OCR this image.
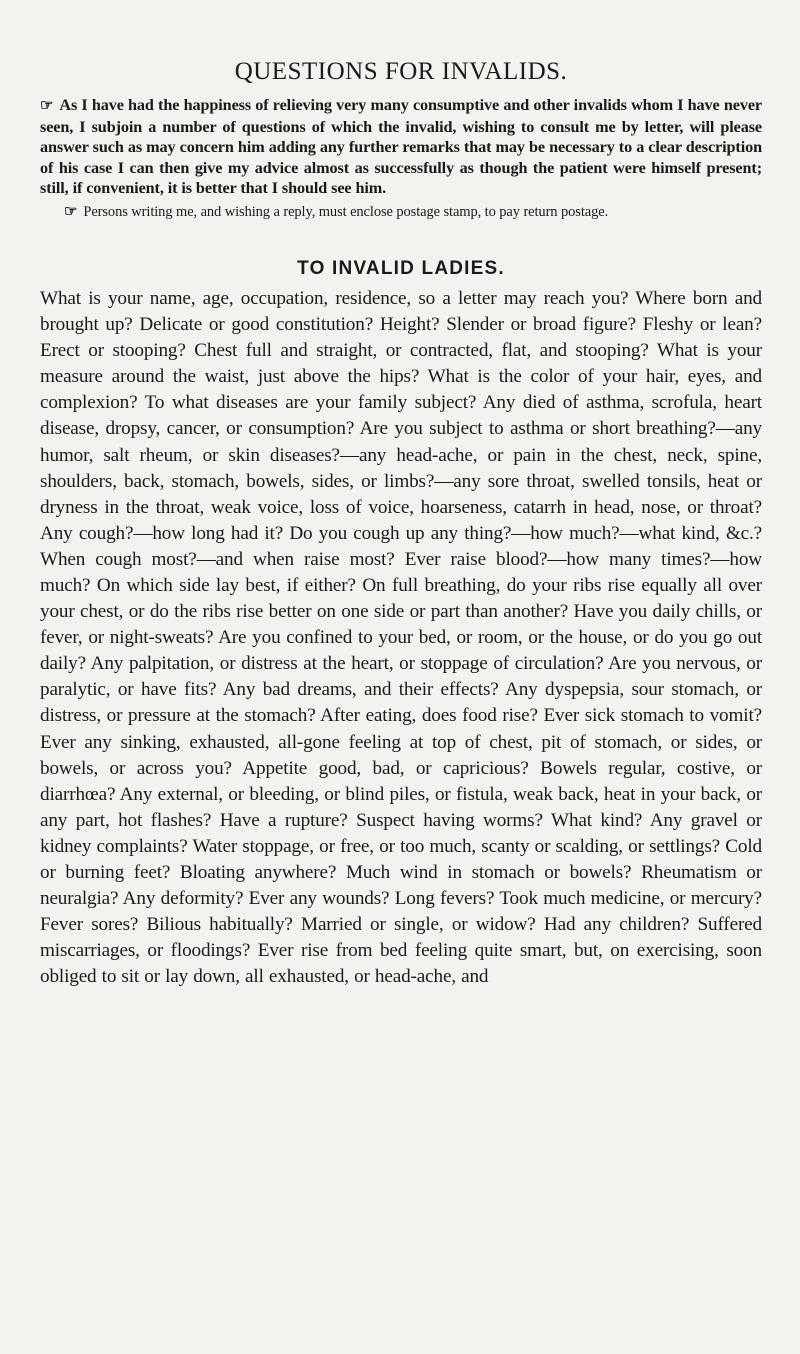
QUESTIONS FOR INVALIDS.

☞ As I have had the happiness of relieving very many consumptive and other invalids whom I have never seen, I subjoin a number of questions of which the invalid, wishing to consult me by letter, will please answer such as may concern him adding any further remarks that may be necessary to a clear description of his case I can then give my advice almost as successfully as though the patient were himself present; still, if convenient, it is better that I should see him.

☞ Persons writing me, and wishing a reply, must enclose postage stamp, to pay return postage.

TO INVALID LADIES.

What is your name, age, occupation, residence, so a letter may reach you? Where born and brought up? Delicate or good constitution? Height? Slender or broad figure? Fleshy or lean? Erect or stooping? Chest full and straight, or contracted, flat, and stooping? What is your measure around the waist, just above the hips? What is the color of your hair, eyes, and complexion? To what diseases are your family subject? Any died of asthma, scrofula, heart disease, dropsy, cancer, or consumption? Are you subject to asthma or short breathing?—any humor, salt rheum, or skin diseases?—any head-ache, or pain in the chest, neck, spine, shoulders, back, stomach, bowels, sides, or limbs?—any sore throat, swelled tonsils, heat or dryness in the throat, weak voice, loss of voice, hoarseness, catarrh in head, nose, or throat? Any cough?—how long had it? Do you cough up any thing?—how much?—what kind, &c.? When cough most?—and when raise most? Ever raise blood?—how many times?—how much? On which side lay best, if either? On full breathing, do your ribs rise equally all over your chest, or do the ribs rise better on one side or part than another? Have you daily chills, or fever, or night-sweats? Are you confined to your bed, or room, or the house, or do you go out daily? Any palpitation, or distress at the heart, or stoppage of circulation? Are you nervous, or paralytic, or have fits? Any bad dreams, and their effects? Any dyspepsia, sour stomach, or distress, or pressure at the stomach? After eating, does food rise? Ever sick stomach to vomit? Ever any sinking, exhausted, all-gone feeling at top of chest, pit of stomach, or sides, or bowels, or across you? Appetite good, bad, or capricious? Bowels regular, costive, or diarrhœa? Any external, or bleeding, or blind piles, or fistula, weak back, heat in your back, or any part, hot flashes? Have a rupture? Suspect having worms? What kind? Any gravel or kidney complaints? Water stoppage, or free, or too much, scanty or scalding, or settlings? Cold or burning feet? Bloating anywhere? Much wind in stomach or bowels? Rheumatism or neuralgia? Any deformity? Ever any wounds? Long fevers? Took much medicine, or mercury? Fever sores? Bilious habitually? Married or single, or widow? Had any children? Suffered miscarriages, or floodings? Ever rise from bed feeling quite smart, but, on exercising, soon obliged to sit or lay down, all exhausted, or head-ache, and
